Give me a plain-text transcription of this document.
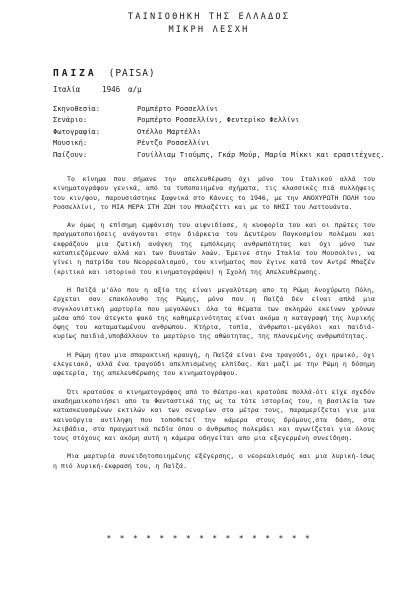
ΤΑΙΝΙΟΘΗΚΗ ΤΗΣ ΕΛΛΑΔΟΣ
ΜΙΚΡΗ ΛΕΣΧΗ
ΠΑΙΖΑ (PAISA)
Ιταλία	1946 α/μ
Σκηνοθεσία:	Ρομπέρτο Ροσσελλίνι
Σενάριο:	Ρομπέρτο Ροσσελλίνι, Φεντερίκο Φελλίνι
Φωτογραφία:	Οτέλλο Μαρτέλλι
Μουσική:	Ρέντζο Ροσσελλίνι
Παίζουν:	Γουίλλιαμ Τιούμπς, Γκάρ Μούρ, Μαρία Μίκκι και ερασιτέχνες.

Το κίνημα που σήμανε την απελευθέρωση όχι μόνο του Ιταλικού αλλά του κινηματογράφου γενικά, από τα τυποποιημένα σχήματα, τις κλασσικές πιά συλλήψεις του κιν/φου, παρουσιάστηκε ξαφνικά στο Κάννες το 1946, με την ΑΝΟΧΥΡΩΤΗ ΠΟΛΗ του Ροσσελλίνι, το ΜΙΑ ΜΕΡΑ ΣΤΗ ΖΩΗ του Μπλαζέττι και με το ΝΗΣΙ του Λαττουάντα.

Αν όμως η επίσημη εμφάνιση του αιφνιδίασε, η κυοφορία του και οι πρώτες του πραγματοποιήσεις ανάγονται στην διάρκεια του Δευτέρου Παγκοσμίου πολέμου και εκφράζουν μια ζωτική ανάγκη της εμπόλεμης ανθρωπότητας και όχι μόνο των καταπιεζόμενων αλλά και των δυνατών λαών. Έμεινε στην Ιταλία του Μουσολίνι, να γίνει η πατρίδα του Νεορρεαλισμού, του κινήματος που έγινε κατά τον Αντρέ Μπαζέν (κριτικό και ιστορικό του κινηματογράφου) η Σχολή της Απελευθέρωσης.

Η Παϊζά μ'όλο που η αξία της είναι μεγαλύτερη απο τη Ρώμη Ανοχύρωτη Πόλη, έρχεται σαν επακόλουθο της Ρώμης, μόνο που η Παϊζά δεν είναι απλά μια συγκλονιστική μαρτυρία που μεγαλώνει όλα τα θέματα των σκληρών εκείνων χρόνων μέσα από τον άτεγκτο φακό της καθημερινότητας είναι ακόμα η καταγραφή της λυρικής όψης του καταματωμένου ανθρώπου. Κτήρια, τοπία, άνθρωποι-μεγάλοι και παιδιά-κυρίως παιδιά,υποβάλλουν το μαρτύριο της αθώοτητας, της πλανεμένης ανθρωπότητας.

Η Ρώμη ήταν μια σπαρακτική κραυγή, η Παϊζά είναι ένα τραγούδι, όχι ηρωικό, όχι ελεγειακό, αλλά ένα τραγούδι απελπισμένης ελπίδας. Και μαζί με την Ρώμη η δόσημη αφετερία, της απελευθέρωσης του κινηματογράφου.

Ότι κρατούσε ο κινηματογράφος από το θέατρο-και κρατούσε πολλά-ότι είχε σχεδόν ακαδημαικοποιήσει απο τα Φανταστικά της ως τα τότε ιστορίας του, η βασιλεία των κατασκευασμένων εκτιλών και των σεναρίων στα μέτρα τους, παραμερίζεται για μια καινούργια αντίληψη που τοποθετεί την κάμερα στους δρόμους,στα δάση, στα λειβάδια, στα πραγματικά πεδία όπου ο άνθρωπος πολεμάει και αγωνίζεται για όλους τους στόχους και ακόμη αυτή η κάμερα οδηγείται απο μια εξεγερμένη συνείδηση.

Μια μαρτυρία συνειδητοποιημένης εξέγερσης, ο νεορεαλισμός και μια λυρική-ίσως η πιό λυρική-έκφρασή του, η Παϊζά.

* * * * * * * * * * * * * * * *
